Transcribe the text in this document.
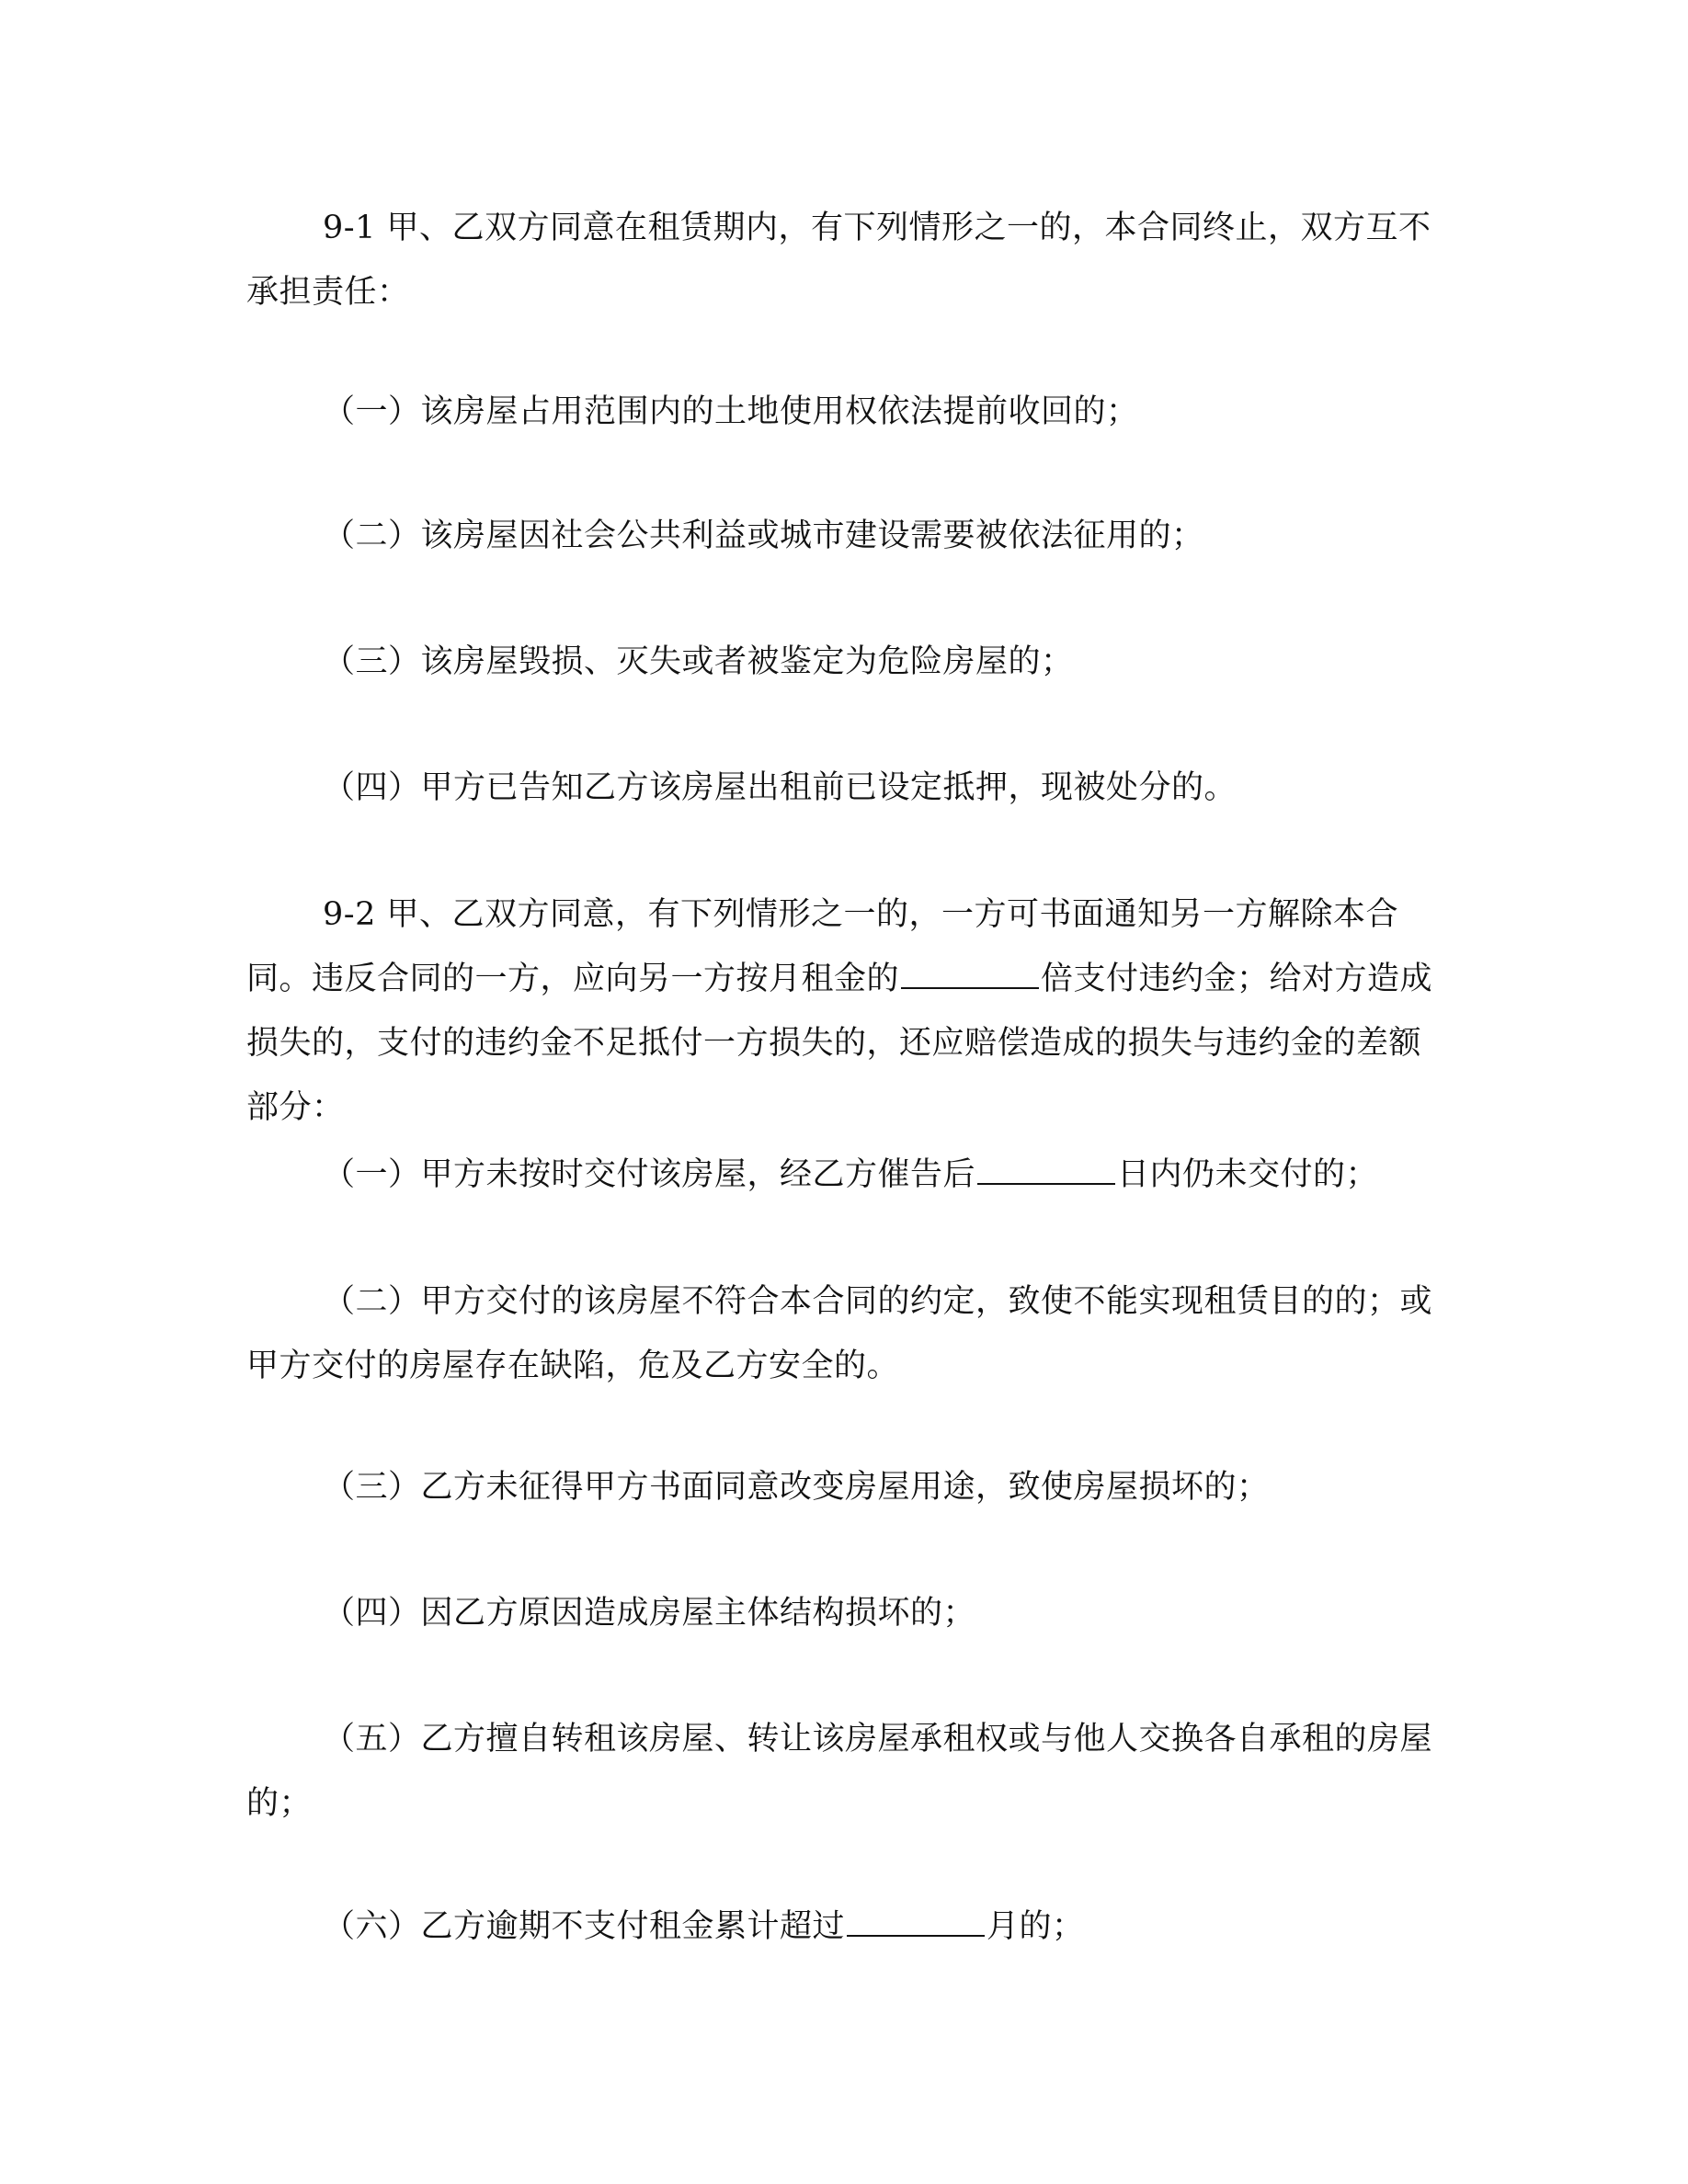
9-1 甲、乙双方同意在租赁期内，有下列情形之一的，本合同终止，双方互不承担责任：

（一）该房屋占用范围内的土地使用权依法提前收回的；

（二）该房屋因社会公共利益或城市建设需要被依法征用的；

（三）该房屋毁损、灭失或者被鉴定为危险房屋的；

（四）甲方已告知乙方该房屋出租前已设定抵押，现被处分的。

9-2 甲、乙双方同意，有下列情形之一的，一方可书面通知另一方解除本合同。违反合同的一方，应向另一方按月租金的	倍支付违约金；给对方造成损失的，支付的违约金不足抵付一方损失的，还应赔偿造成的损失与违约金的差额部分：

（一）甲方未按时交付该房屋，经乙方催告后	日内仍未交付的；

（二）甲方交付的该房屋不符合本合同的约定，致使不能实现租赁目的的；或甲方交付的房屋存在缺陷，危及乙方安全的。

（三）乙方未征得甲方书面同意改变房屋用途，致使房屋损坏的；

（四）因乙方原因造成房屋主体结构损坏的；

（五）乙方擅自转租该房屋、转让该房屋承租权或与他人交换各自承租的房屋的；

（六）乙方逾期不支付租金累计超过	月的；
